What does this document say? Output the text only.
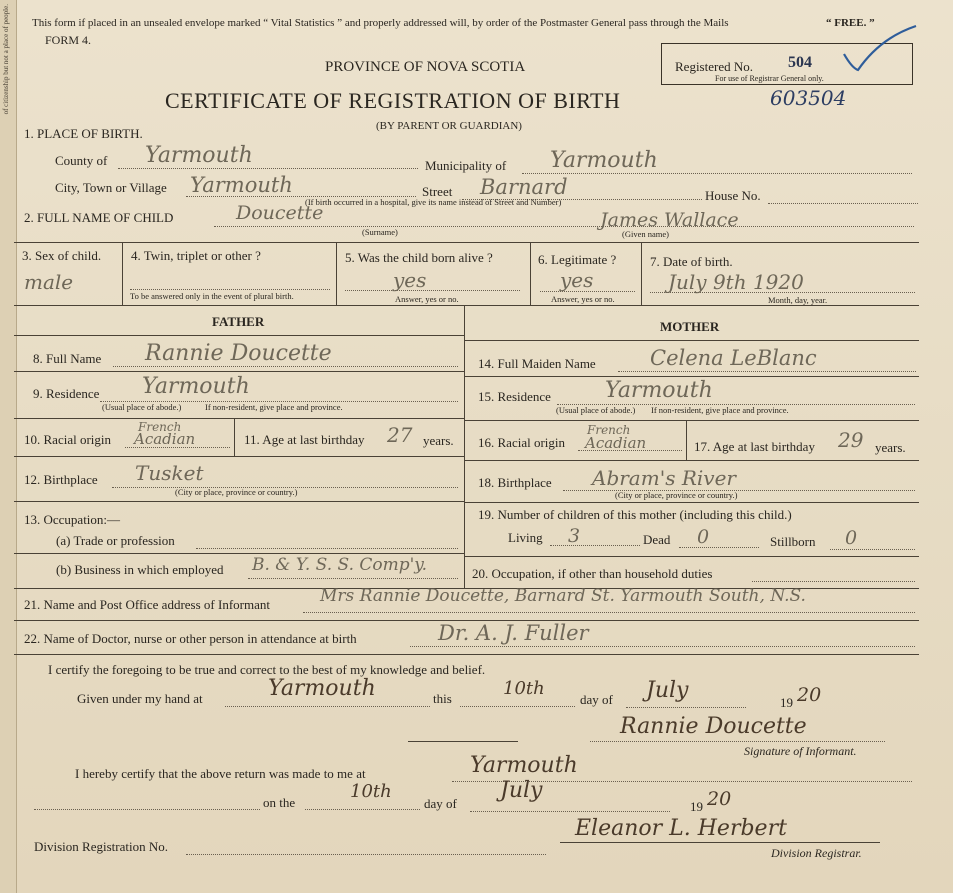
of citizenship but not a place of people. This form if placed in an unsealed envelope marked “ Vital Statistics ” and properly addressed will, by order of the Postmaster General pass through the Mails	“ FREE. ”
FORM 4.
Registered No. 504
For use of Registrar General only.
603504
PROVINCE OF NOVA SCOTIA
CERTIFICATE OF REGISTRATION OF BIRTH
(BY PARENT OR GUARDIAN)
1. PLACE OF BIRTH.
County of Yarmouth	Municipality of Yarmouth
City, Town or Village Yarmouth	Street Barnard	House No.
(If birth occurred in a hospital, give its name instead of Street and Number)
2. FULL NAME OF CHILD	Doucette	James Wallace
(Surname)	(Given name)
3. Sex of child.
male
4. Twin, triplet or other ?
To be answered only in the event of plural birth.
5. Was the child born alive ?
yes
Answer, yes or no.
6. Legitimate ?
yes
Answer, yes or no.
7. Date of birth.
July 9th 1920
Month, day, year.
FATHER	MOTHER
8. Full Name Rannie Doucette
9. Residence Yarmouth
(Usual place of abode.)	If non-resident, give place and province.
10. Racial origin
French
Acadian	11. Age at last birthday 27 years.
12. Birthplace Tusket
(City or place, province or country.)
13. Occupation:—
(a) Trade or profession
(b) Business in which employed B. & Y. S. S. Comp'y.
14. Full Maiden Name	Celena LeBlanc
15. Residence Yarmouth
(Usual place of abode.) If non-resident, give place and province.
16. Racial origin
French
Acadian	17. Age at last birthday 29 years.
18. Birthplace Abram's River
(City or place, province or country.)
19. Number of children of this mother (including this child.)
Living 3	Dead 0	Stillborn 0
20. Occupation, if other than household duties
21. Name and Post Office address of Informant	Mrs Rannie Doucette, Barnard St. Yarmouth South, N.S.
22. Name of Doctor, nurse or other person in attendance at birth	Dr. A. J. Fuller
I certify the foregoing to be true and correct to the best of my knowledge and belief.
Given under my hand at	Yarmouth	this	10th
day of July	19 20
Rannie Doucette
Signature of Informant.
I hereby certify that the above return was made to me at	Yarmouth
on the
10th
day of
July
19 20
Eleanor L. Herbert
Division Registration No.	Division Registrar.
